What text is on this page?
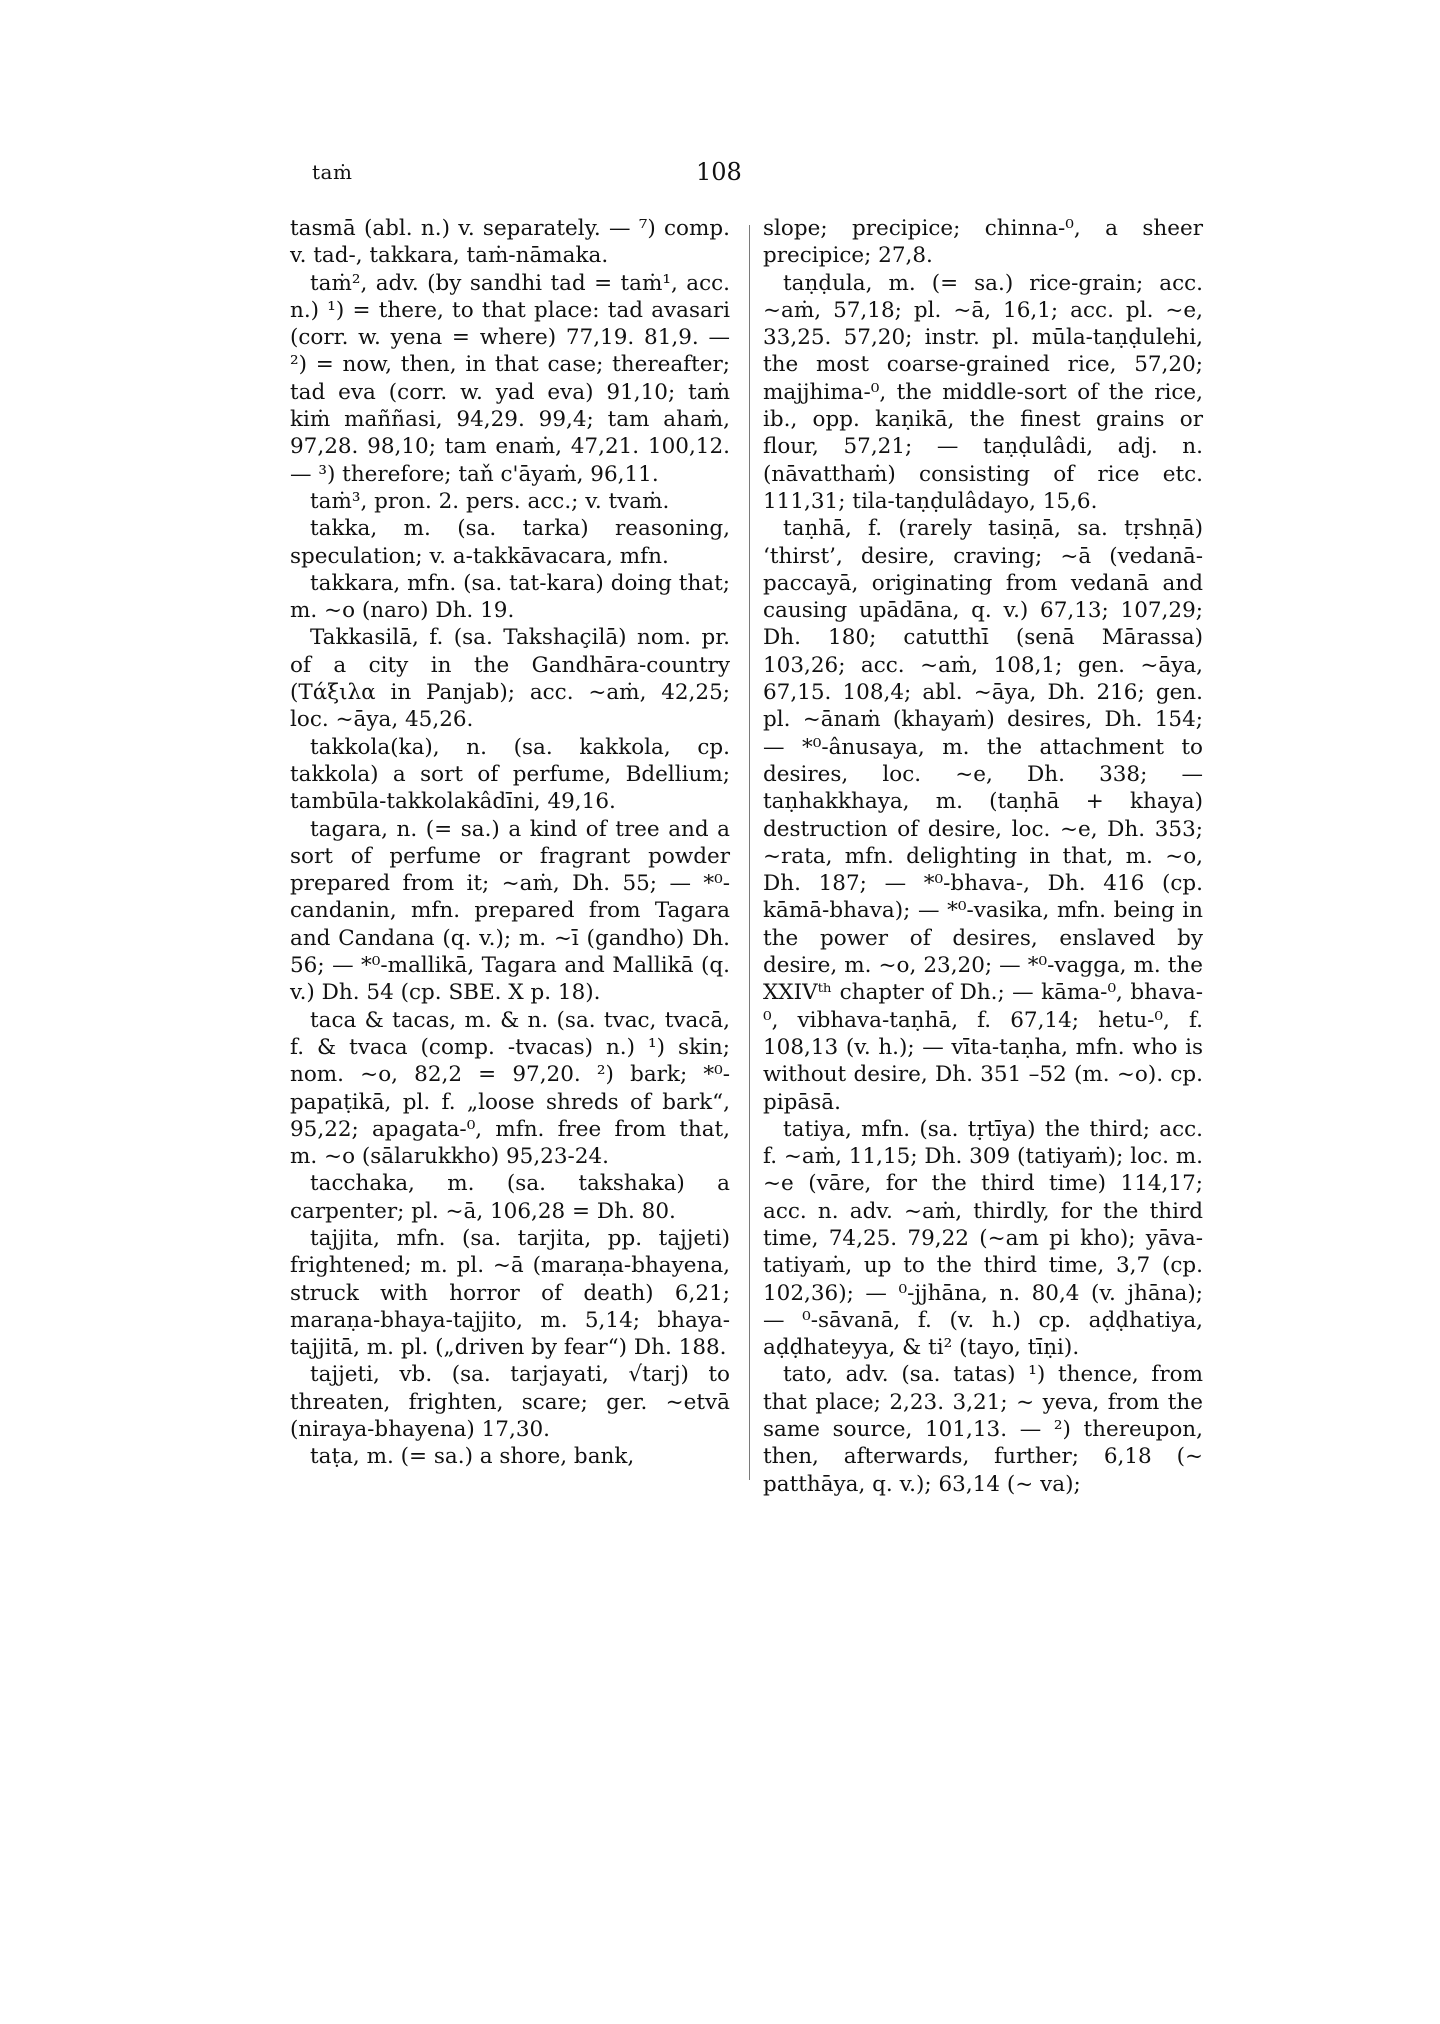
taṁ	108

tasmā (abl. n.) v. separately. — ⁷) comp. v. tad-, takkara, taṁ-nāmaka.

taṁ², adv. (by sandhi tad = taṁ¹, acc. n.) ¹) = there, to that place: tad avasari (corr. w. yena = where) 77,19. 81,9. — ²) = now, then, in that case; thereafter; tad eva (corr. w. yad eva) 91,10; taṁ kiṁ maññasi, 94,29. 99,4; tam ahaṁ, 97,28. 98,10; tam enaṁ, 47,21. 100,12. — ³) therefore; taň c'āyaṁ, 96,11.

taṁ³, pron. 2. pers. acc.; v. tvaṁ.

takka, m. (sa. tarka) reasoning, speculation; v. a-takkāvacara, mfn.

takkara, mfn. (sa. tat-kara) doing that; m. ~o (naro) Dh. 19.

Takkasilā, f. (sa. Takshaçilā) nom. pr. of a city in the Gandhāra-country (Τάξιλα in Panjab); acc. ~aṁ, 42,25; loc. ~āya, 45,26.

takkola(ka), n. (sa. kakkola, cp. takkola) a sort of perfume, Bdellium; tambūla-takkolakâdīni, 49,16.

tagara, n. (= sa.) a kind of tree and a sort of perfume or fragrant powder prepared from it; ~aṁ, Dh. 55; — *⁰-candanin, mfn. prepared from Tagara and Candana (q. v.); m. ~ī (gandho) Dh. 56; — *⁰-mallikā, Tagara and Mallikā (q. v.) Dh. 54 (cp. SBE. X p. 18).

taca & tacas, m. & n. (sa. tvac, tvacā, f. & tvaca (comp. -tvacas) n.) ¹) skin; nom. ~o, 82,2 = 97,20. ²) bark; *⁰-papaṭikā, pl. f. „loose shreds of bark“, 95,22; apagata-⁰, mfn. free from that, m. ~o (sālarukkho) 95,23-24.

tacchaka, m. (sa. takshaka) a carpenter; pl. ~ā, 106,28 = Dh. 80.

tajjita, mfn. (sa. tarjita, pp. tajjeti) frightened; m. pl. ~ā (maraṇa-bhayena, struck with horror of death) 6,21; maraṇa-bhaya-tajjito, m. 5,14; bhaya-tajjitā, m. pl. („driven by fear“) Dh. 188.

tajjeti, vb. (sa. tarjayati, √tarj) to threaten, frighten, scare; ger. ~etvā (niraya-bhayena) 17,30.

taṭa, m. (= sa.) a shore, bank,

slope; precipice; chinna-⁰, a sheer precipice; 27,8.

taṇḍula, m. (= sa.) rice-grain; acc. ~aṁ, 57,18; pl. ~ā, 16,1; acc. pl. ~e, 33,25. 57,20; instr. pl. mūla-taṇḍulehi, the most coarse-grained rice, 57,20; majjhima-⁰, the middle-sort of the rice, ib., opp. kaṇikā, the finest grains or flour, 57,21; — taṇḍulâdi, adj. n. (nāvatthaṁ) consisting of rice etc. 111,31; tila-taṇḍulâdayo, 15,6.

taṇhā, f. (rarely tasiṇā, sa. tṛshṇā) ‘thirst’, desire, craving; ~ā (vedanā-paccayā, originating from vedanā and causing upādāna, q. v.) 67,13; 107,29; Dh. 180; catutthī (senā Mārassa) 103,26; acc. ~aṁ, 108,1; gen. ~āya, 67,15. 108,4; abl. ~āya, Dh. 216; gen. pl. ~ānaṁ (khayaṁ) desires, Dh. 154; — *⁰-ânusaya, m. the attachment to desires, loc. ~e, Dh. 338; — taṇhakkhaya, m. (taṇhā + khaya) destruction of desire, loc. ~e, Dh. 353; ~rata, mfn. delighting in that, m. ~o, Dh. 187; — *⁰-bhava-, Dh. 416 (cp. kāmā-bhava); — *⁰-vasika, mfn. being in the power of desires, enslaved by desire, m. ~o, 23,20; — *⁰-vagga, m. the XXIVᵗʰ chapter of Dh.; — kāma-⁰, bhava-⁰, vibhava-taṇhā, f. 67,14; hetu-⁰, f. 108,13 (v. h.); — vīta-taṇha, mfn. who is without desire, Dh. 351 –52 (m. ~o). cp. pipāsā.

tatiya, mfn. (sa. tṛtīya) the third; acc. f. ~aṁ, 11,15; Dh. 309 (tatiyaṁ); loc. m. ~e (vāre, for the third time) 114,17; acc. n. adv. ~aṁ, thirdly, for the third time, 74,25. 79,22 (~am pi kho); yāva-tatiyaṁ, up to the third time, 3,7 (cp. 102,36); — ⁰-jjhāna, n. 80,4 (v. jhāna); — ⁰-sāvanā, f. (v. h.) cp. aḍḍhatiya, aḍḍhateyya, & ti² (tayo, tīṇi).

tato, adv. (sa. tatas) ¹) thence, from that place; 2,23. 3,21; ~ yeva, from the same source, 101,13. — ²) thereupon, then, afterwards, further; 6,18 (~ patthāya, q. v.); 63,14 (~ va);
